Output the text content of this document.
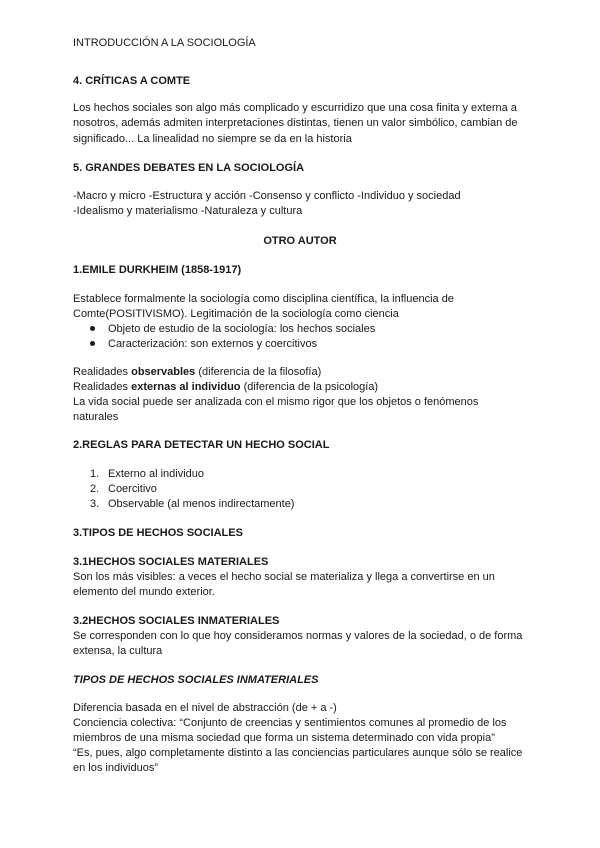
INTRODUCCIÓN A LA SOCIOLOGÍA

4. CRÍTICAS A COMTE

Los hechos sociales son algo más complicado y escurridizo que una cosa finita y externa a

nosotros, además admiten interpretaciones distintas, tienen un valor simbólico, cambian de

significado... La linealidad no siempre se da en la historia

5. GRANDES DEBATES EN LA SOCIOLOGÍA

-Macro y micro -Estructura y acción -Consenso y conflicto -Individuo y sociedad

-Idealismo y materialismo -Naturaleza y cultura

OTRO AUTOR

1.EMILE DURKHEIM (1858-1917)

Establece formalmente la sociología como disciplina científica, la influencia de

Comte(POSITIVISMO). Legitimación de la sociología como ciencia

Objeto de estudio de la sociología: los hechos sociales

Caracterización: son externos y coercitivos

Realidades observables (diferencia de la filosofía)

Realidades externas al individuo (diferencia de la psicología)

La vida social puede ser analizada con el mismo rigor que los objetos o fenómenos

naturales

2.REGLAS PARA DETECTAR UN HECHO SOCIAL

1. Externo al individuo

2. Coercitivo

3. Observable (al menos indirectamente)

3.TIPOS DE HECHOS SOCIALES

3.1HECHOS SOCIALES MATERIALES

Son los más visibles: a veces el hecho social se materializa y llega a convertirse en un

elemento del mundo exterior.

3.2HECHOS SOCIALES INMATERIALES

Se corresponden con lo que hoy consideramos normas y valores de la sociedad, o de forma

extensa, la cultura

TIPOS DE HECHOS SOCIALES INMATERIALES

Diferencia basada en el nivel de abstracción (de + a -)

Conciencia colectiva: “Conjunto de creencias y sentimientos comunes al promedio de los

miembros de una misma sociedad que forma un sistema determinado con vida propia”

“Es, pues, algo completamente distinto a las conciencias particulares aunque sólo se realice

en los individuos”
